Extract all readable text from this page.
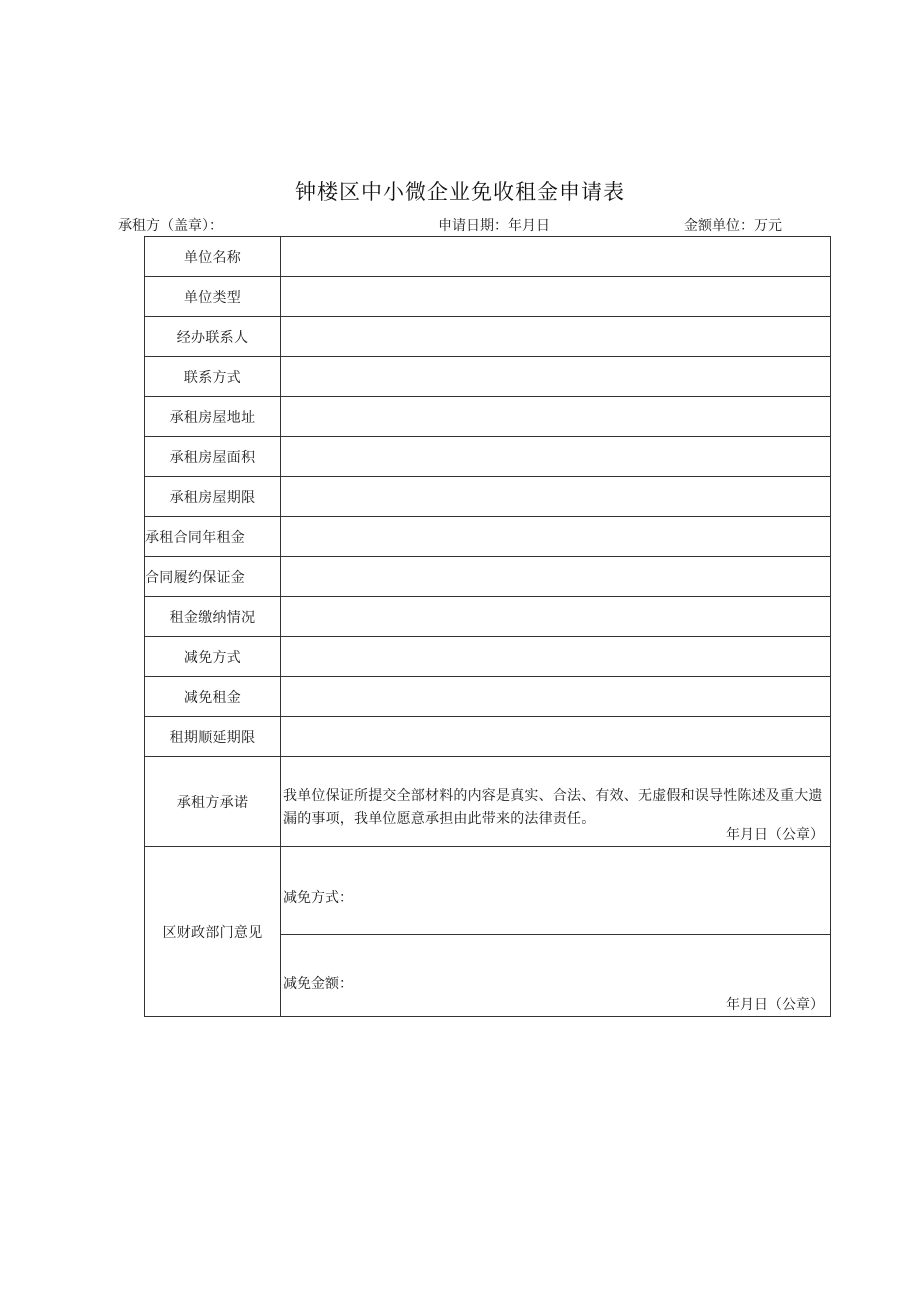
钟楼区中小微企业免收租金申请表
承租方（盖章）：	申请日期：年月日	金额单位：万元
单位名称	
单位类型	
经办联系人	
联系方式	
承租房屋地址	
承租房屋面积	
承租房屋期限	
承租合同年租金	
合同履约保证金	
租金缴纳情况	
减免方式	
减免租金	
租期顺延期限	
承租方承诺	我单位保证所提交全部材料的内容是真实、合法、有效、无虚假和误导性陈述及重大遗漏的事项，我单位愿意承担由此带来的法律责任。
年月日（公章）

区财政部门意见	减免方式：

	减免金额：
年月日（公章）
